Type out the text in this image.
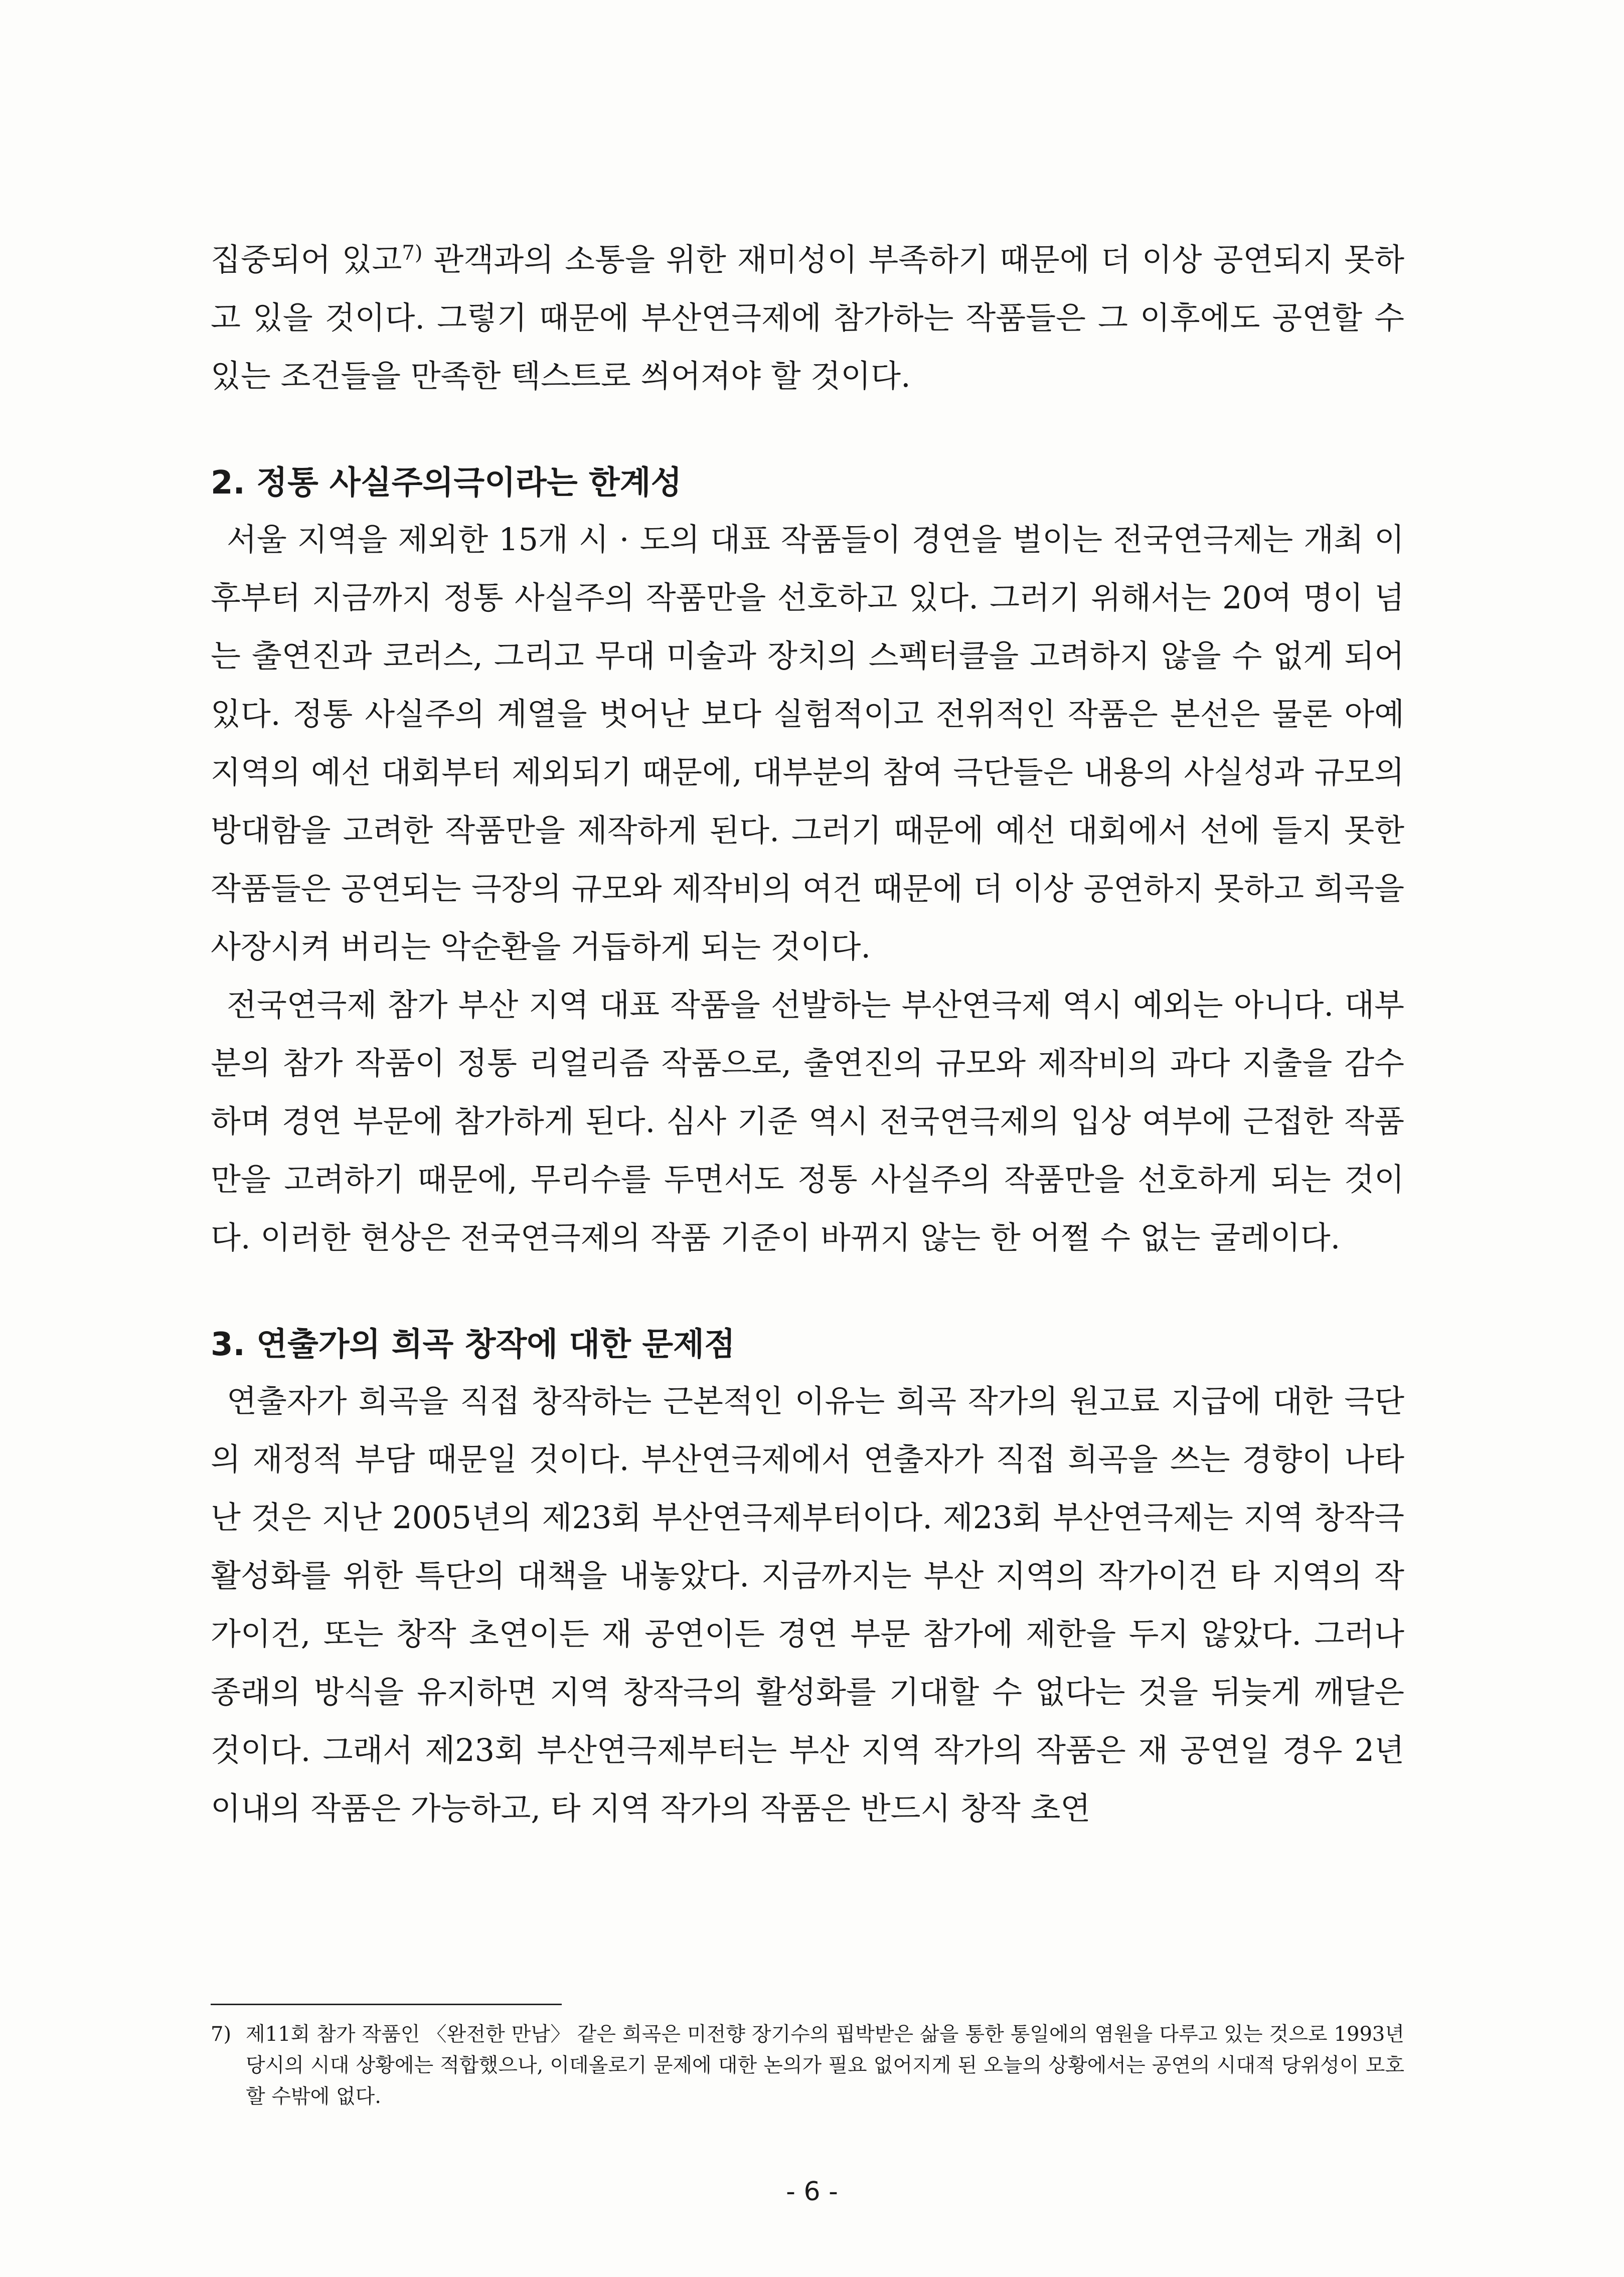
집중되어 있고$^{7)}$ 관객과의 소통을 위한 재미성이 부족하기 때문에 더 이상 공연되지 못하고 있을 것이다. 그렇기 때문에 부산연극제에 참가하는 작품들은 그 이후에도 공연할 수 있는 조건들을 만족한 텍스트로 씌어져야 할 것이다.

2. 정통 사실주의극이라는 한계성

서울 지역을 제외한 15개 시 · 도의 대표 작품들이 경연을 벌이는 전국연극제는 개최 이후부터 지금까지 정통 사실주의 작품만을 선호하고 있다. 그러기 위해서는 20여 명이 넘는 출연진과 코러스, 그리고 무대 미술과 장치의 스펙터클을 고려하지 않을 수 없게 되어 있다. 정통 사실주의 계열을 벗어난 보다 실험적이고 전위적인 작품은 본선은 물론 아예 지역의 예선 대회부터 제외되기 때문에, 대부분의 참여 극단들은 내용의 사실성과 규모의 방대함을 고려한 작품만을 제작하게 된다. 그러기 때문에 예선 대회에서 선에 들지 못한 작품들은 공연되는 극장의 규모와 제작비의 여건 때문에 더 이상 공연하지 못하고 희곡을 사장시켜 버리는 악순환을 거듭하게 되는 것이다.

전국연극제 참가 부산 지역 대표 작품을 선발하는 부산연극제 역시 예외는 아니다. 대부분의 참가 작품이 정통 리얼리즘 작품으로, 출연진의 규모와 제작비의 과다 지출을 감수하며 경연 부문에 참가하게 된다. 심사 기준 역시 전국연극제의 입상 여부에 근접한 작품만을 고려하기 때문에, 무리수를 두면서도 정통 사실주의 작품만을 선호하게 되는 것이다. 이러한 현상은 전국연극제의 작품 기준이 바뀌지 않는 한 어쩔 수 없는 굴레이다.

3. 연출가의 희곡 창작에 대한 문제점

연출자가 희곡을 직접 창작하는 근본적인 이유는 희곡 작가의 원고료 지급에 대한 극단의 재정적 부담 때문일 것이다. 부산연극제에서 연출자가 직접 희곡을 쓰는 경향이 나타난 것은 지난 2005년의 제23회 부산연극제부터이다. 제23회 부산연극제는 지역 창작극 활성화를 위한 특단의 대책을 내놓았다. 지금까지는 부산 지역의 작가이건 타 지역의 작가이건, 또는 창작 초연이든 재 공연이든 경연 부문 참가에 제한을 두지 않았다. 그러나 종래의 방식을 유지하면 지역 창작극의 활성화를 기대할 수 없다는 것을 뒤늦게 깨달은 것이다. 그래서 제23회 부산연극제부터는 부산 지역 작가의 작품은 재 공연일 경우 2년 이내의 작품은 가능하고, 타 지역 작가의 작품은 반드시 창작 초연

7) 제11회 참가 작품인 〈완전한 만남〉 같은 희곡은 미전향 장기수의 핍박받은 삶을 통한 통일에의 염원을 다루고 있는 것으로 1993년 당시의 시대 상황에는 적합했으나, 이데올로기 문제에 대한 논의가 필요 없어지게 된 오늘의 상황에서는 공연의 시대적 당위성이 모호할 수밖에 없다.
- 6 -
